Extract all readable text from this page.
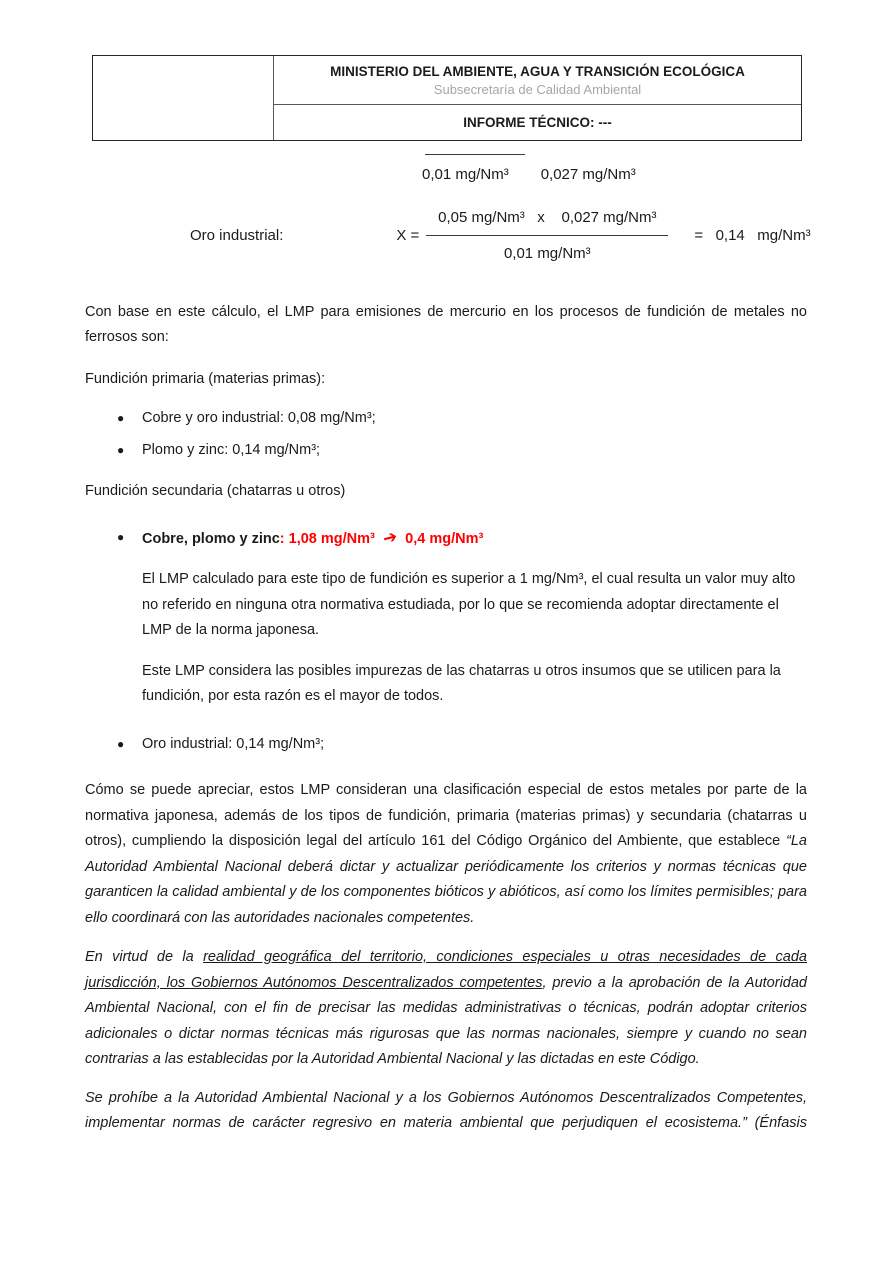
MINISTERIO DEL AMBIENTE, AGUA Y TRANSICIÓN ECOLÓGICA
Subsecretaría de Calidad Ambiental
INFORME TÉCNICO: ---
0,01 mg/Nm³ 0,027 mg/Nm³
Oro industrial:	$X = \frac{\text{0,05 mg/Nm³   x    0,027 mg/Nm³}}{\text{0,01 mg/Nm³}} = 0,14$   mg/Nm³

Con base en este cálculo, el LMP para emisiones de mercurio en los procesos de fundición de metales no ferrosos son:

Fundición primaria (materias primas):

●	Cobre y oro industrial: 0,08 mg/Nm³;
●	Plomo y zinc: 0,14 mg/Nm³;

Fundición secundaria (chatarras u otros)

●	Cobre, plomo y zinc: 1,08 mg/Nm³ ➔ 0,4 mg/Nm³

El LMP calculado para este tipo de fundición es superior a 1 mg/Nm³, el cual resulta un valor muy alto no referido en ninguna otra normativa estudiada, por lo que se recomienda adoptar directamente el LMP de la norma japonesa.

Este LMP considera las posibles impurezas de las chatarras u otros insumos que se utilicen para la fundición, por esta razón es el mayor de todos.

●	Oro industrial: 0,14 mg/Nm³;

Cómo se puede apreciar, estos LMP consideran una clasificación especial de estos metales por parte de la normativa japonesa, además de los tipos de fundición, primaria (materias primas) y secundaria (chatarras u otros), cumpliendo la disposición legal del artículo 161 del Código Orgánico del Ambiente, que establece “La Autoridad Ambiental Nacional deberá dictar y actualizar periódicamente los criterios y normas técnicas que garanticen la calidad ambiental y de los componentes bióticos y abióticos, así como los límites permisibles; para ello coordinará con las autoridades nacionales competentes.

En virtud de la realidad geográfica del territorio, condiciones especiales u otras necesidades de cada jurisdicción, los Gobiernos Autónomos Descentralizados competentes, previo a la aprobación de la Autoridad Ambiental Nacional, con el fin de precisar las medidas administrativas o técnicas, podrán adoptar criterios adicionales o dictar normas técnicas más rigurosas que las normas nacionales, siempre y cuando no sean contrarias a las establecidas por la Autoridad Ambiental Nacional y las dictadas en este Código.

Se prohíbe a la Autoridad Ambiental Nacional y a los Gobiernos Autónomos Descentralizados Competentes, implementar normas de carácter regresivo en materia ambiental que perjudiquen el ecosistema.” (Énfasis
